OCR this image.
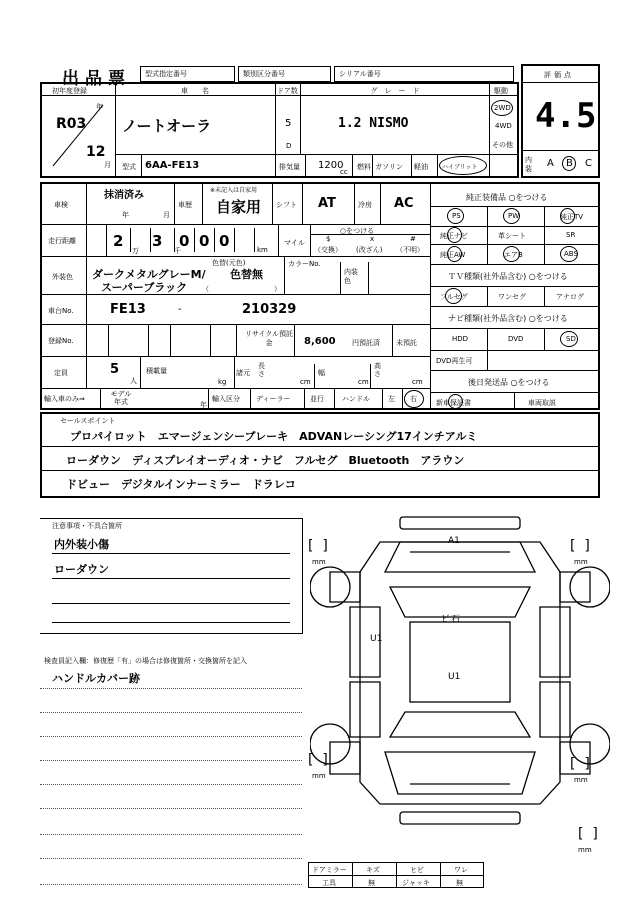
出品票 型式指定番号	類別区分番号	シリアル番号
初年度登録
年
月
R03
12
車　　名
ノートオーラ
ドア数
5
D
グ　レ　ー　ド
1.2 NISMO
駆動
2WD
4WD
その他
型式 6AA-FE13	排気量 1200
cc
燃料 ガソリン 軽油 ハイブリット
評価点
4.5
内装 A B C
車検
抹消済み
年	月
車歴
※未記入は自家用
自家用 シフト AT	冷房 AC
走行距離 2
万
3
千
0 0 0	km
マイル
○をつける
$
（交換）
x
(改ざん)
#
（不明）
外装色
色替(元色)
ダークメタルグレーM/
スーパーブラック
色替無
（	）
カラーNo.
内装色
車台No.	FE13	-	210329
登録No.
リサイクル預託金	8,600 円預託済 未預託
定員	5
人
積載量
kg
諸元
長さ
cm
幅
cm
高さ
cm
輸入車のみ⇒
モデル年式	年
輸入区分 ディーラー	並行	ハンドル	左 右
純正装備品 ○をつける
PS	PW	純正TV
純正ナビ	革シート	SR
純正AW	エアB	ABS
ＴＶ種類(社外品含む) ○をつける
フルセグ	ワンセグ	アナログ
ナビ種類(社外品含む) ○をつける
HDD	DVD	SD
DVD再生可
後日発送品 ○をつける
新車保証書	車両取説
セールスポイント
プロパイロット　エマージェンシーブレーキ　ADVANレーシング17インチアルミ
ローダウン　ディスプレイオーディオ・ナビ　フルセグ　Bluetooth　アラウン
ドビュー　デジタルインナーミラー　ドラレコ
注意事項・不具合箇所
内外装小傷
ローダウン
検査員記入欄：修復歴「有」の場合は修復箇所・交換箇所を記入
ハンドルカバー跡
A1
ﾋﾞ石
U1
U1
[  ]
mm
[  ]
mm
[  ]
mm
[  ]
mm
[  ]
mm
ドアミラー	キズ	ヒビ	ワレ
工具	無	ジャッキ	無
